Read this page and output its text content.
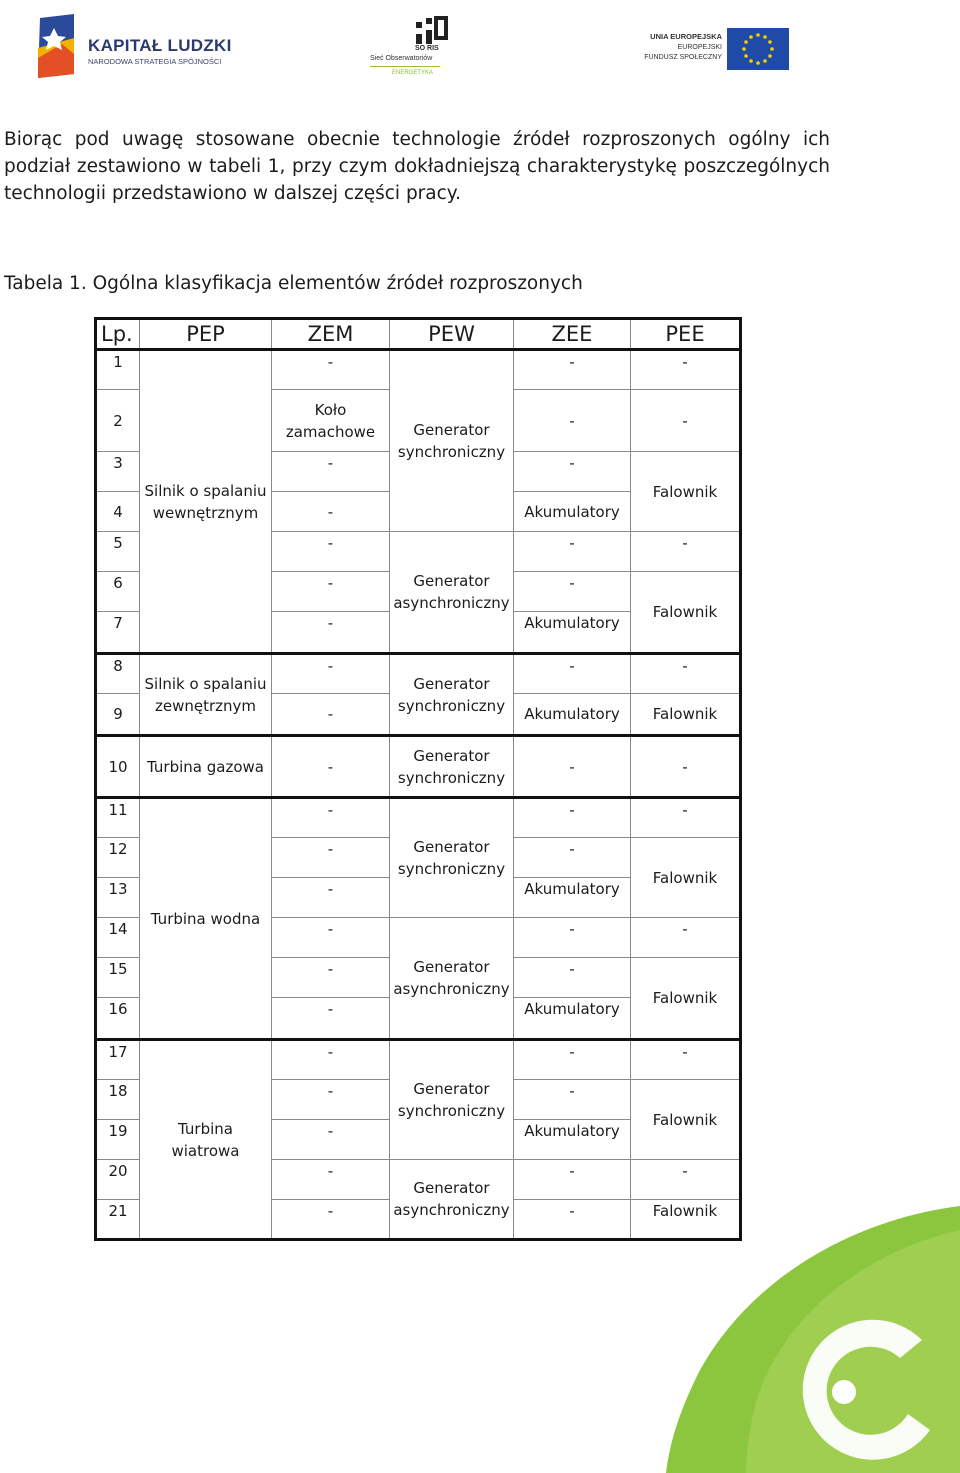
KAPITAŁ LUDZKI
NARODOWA STRATEGIA SPÓJNOŚCI
SO RIS
Sieć Obserwatoriów
ENERGETYKA
UNIA EUROPEJSKA
EUROPEJSKI
FUNDUSZ SPOŁECZNY

Biorąc pod uwagę stosowane obecnie technologie źródeł rozproszonych ogólny ich podział zestawiono w tabeli 1, przy czym dokładniejszą charakterystykę poszczególnych technologii przedstawiono w dalszej części pracy.

Tabela 1. Ogólna klasyfikacja elementów źródeł rozproszonych
Lp.	PEP	ZEM	PEW	ZEE	PEE
1	Silnik o spalaniu wewnętrznym	-	Generator synchroniczny	-	-
2		Koło zamachowe		-	-
3		-		-	Falownik
4		-		Akumulatory	
5		-	Generator asynchroniczny	-	-
6		-		-	Falownik
7		-		Akumulatory	
8	Silnik o spalaniu zewnętrznym	-	Generator synchroniczny	-	-
9		-		Akumulatory	Falownik
10	Turbina gazowa	-	Generator synchroniczny	-	-
11	Turbina wodna	-	Generator synchroniczny	-	-
12		-		-	Falownik
13		-		Akumulatory	
14		-	Generator asynchroniczny	-	-
15		-		-	Falownik
16		-		Akumulatory	
17	Turbina wiatrowa	-	Generator synchroniczny	-	-
18		-		-	Falownik
19		-		Akumulatory	
20		-	Generator asynchroniczny	-	-
21		-		-	Falownik
